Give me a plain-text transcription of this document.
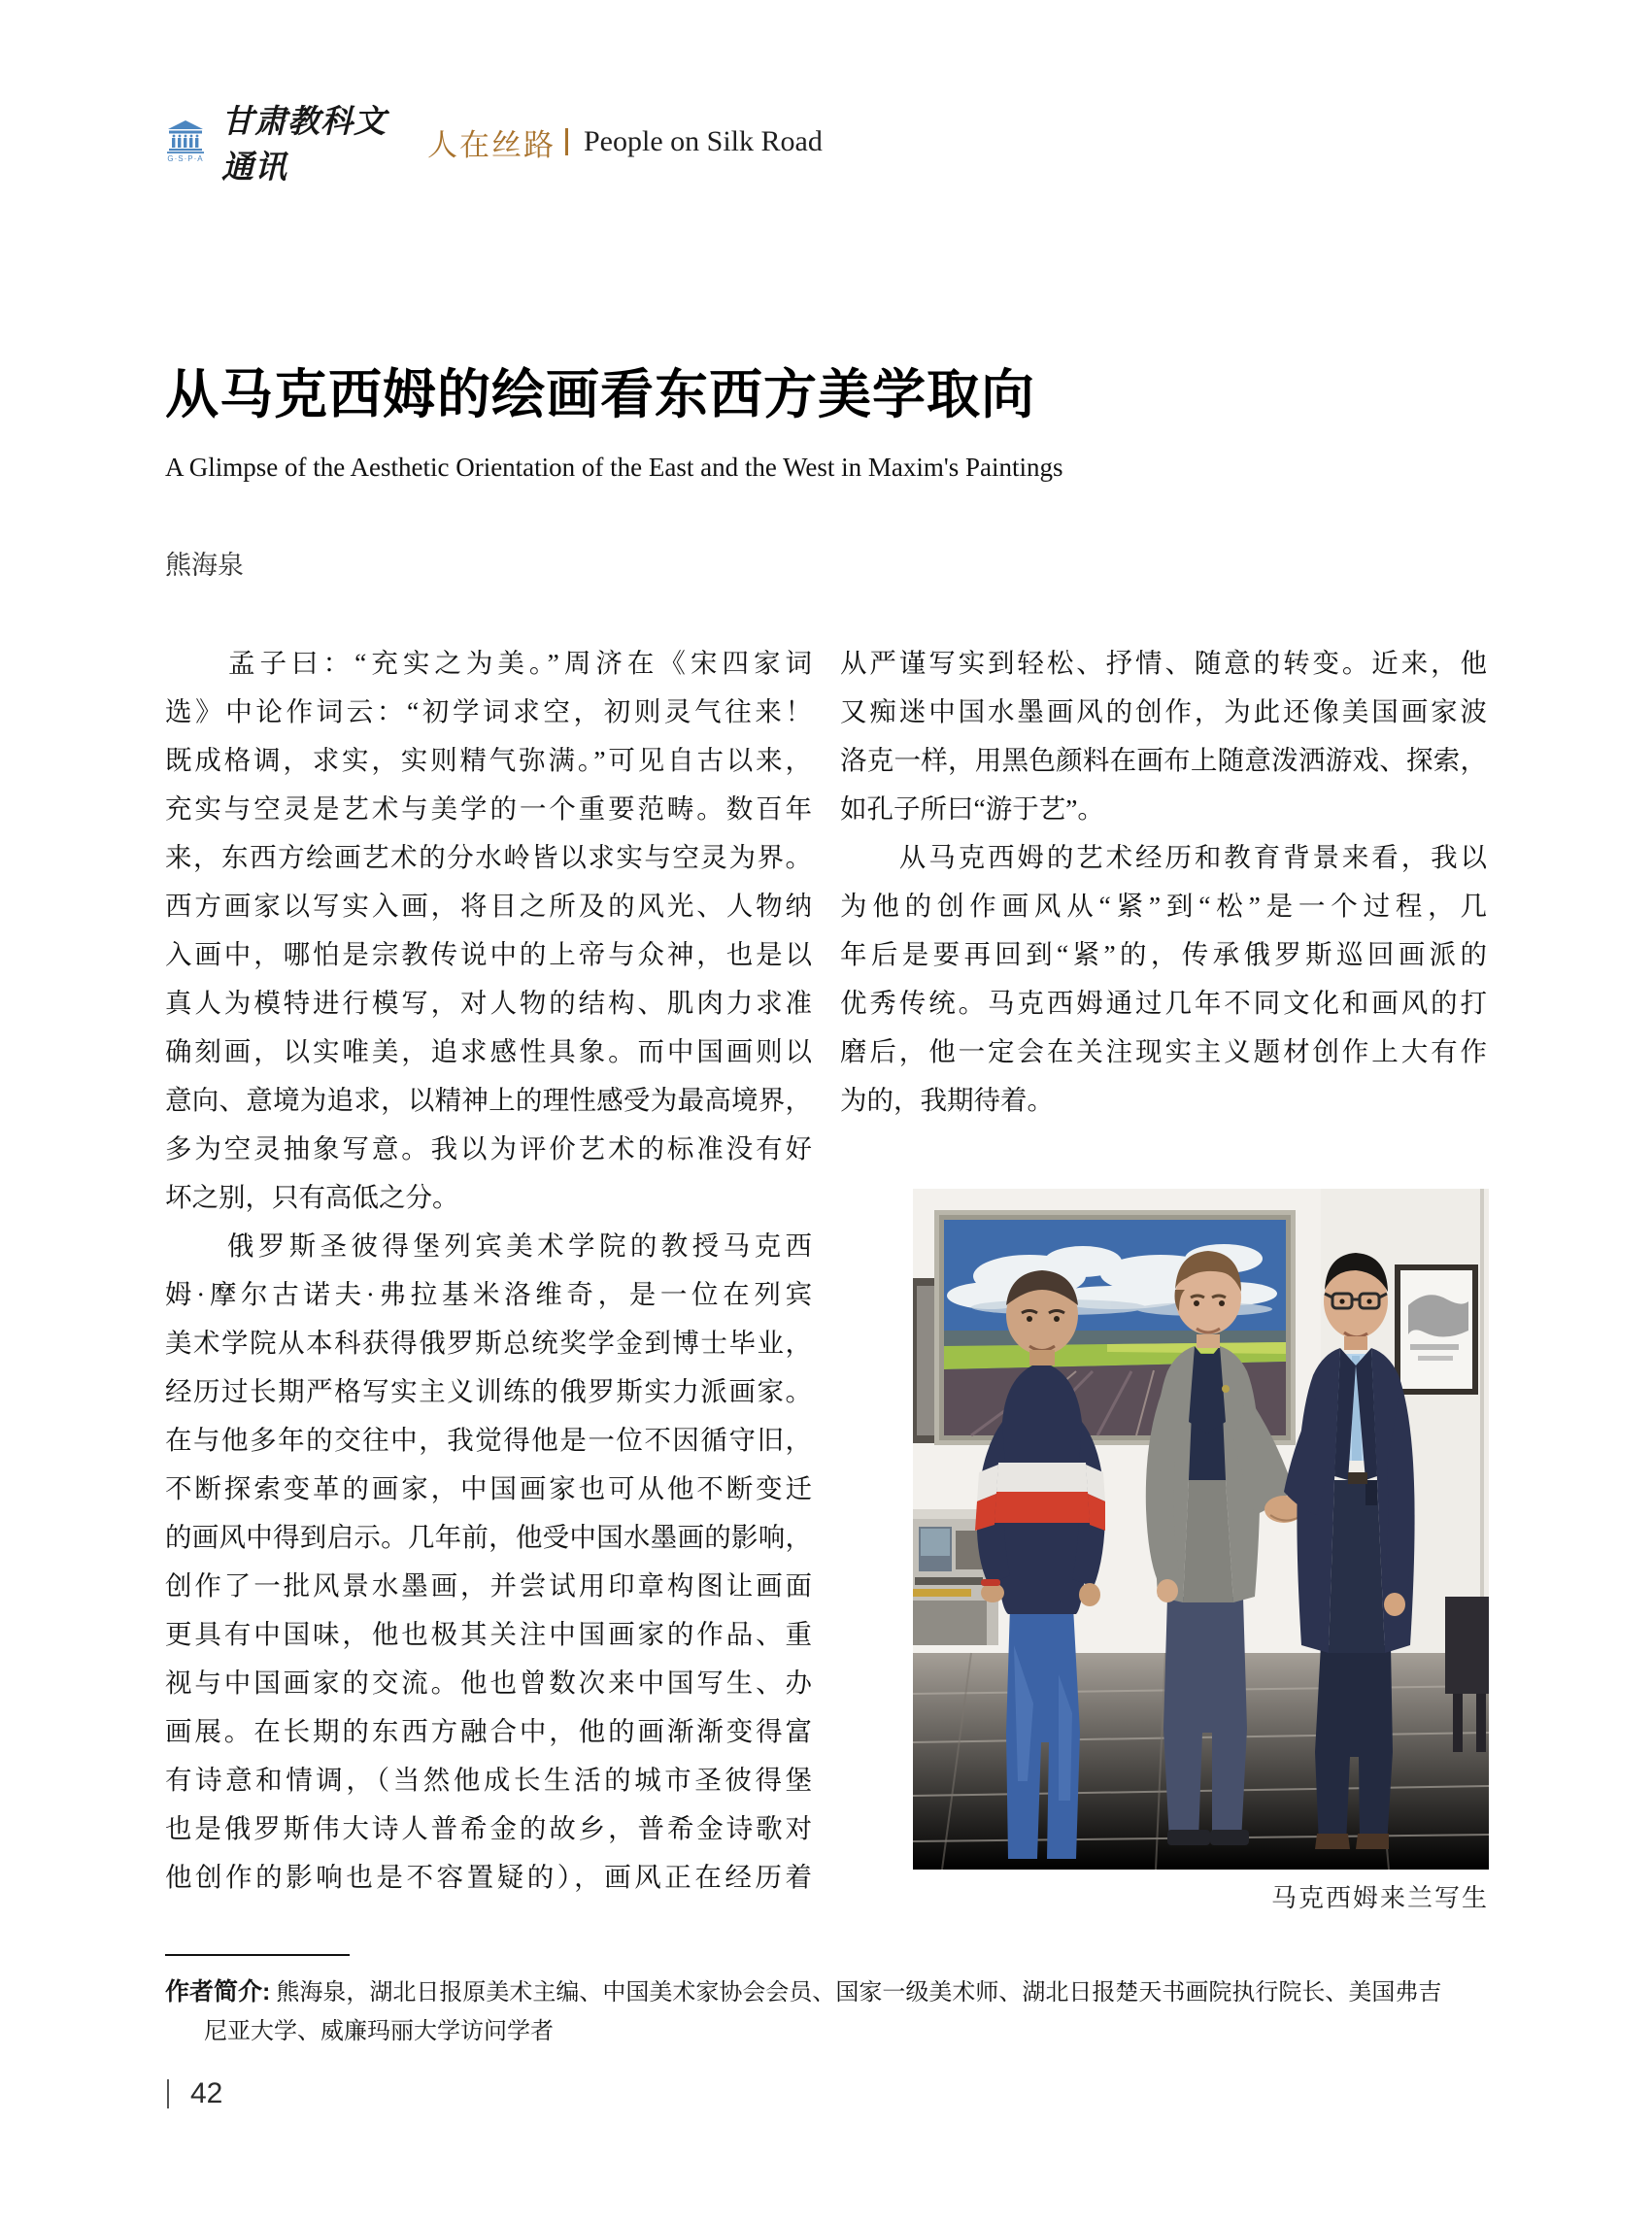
G·S·P·A
甘肃教科文通讯
人在丝路 People on Silk Road
从马克西姆的绘画看东西方美学取向
A Glimpse of the Aesthetic Orientation of the East and the West in Maxim's Paintings
熊海泉
　　孟子曰：“充实之为美。”周济在《宋四家词
选》中论作词云：“初学词求空，初则灵气往来！
既成格调，求实，实则精气弥满。”可见自古以来，
充实与空灵是艺术与美学的一个重要范畴。数百年
来，东西方绘画艺术的分水岭皆以求实与空灵为界。
西方画家以写实入画，将目之所及的风光、人物纳
入画中，哪怕是宗教传说中的上帝与众神，也是以
真人为模特进行模写，对人物的结构、肌肉力求准
确刻画，以实唯美，追求感性具象。而中国画则以
意向、意境为追求，以精神上的理性感受为最高境界，
多为空灵抽象写意。我以为评价艺术的标准没有好
坏之别，只有高低之分。
　　俄罗斯圣彼得堡列宾美术学院的教授马克西
姆·摩尔古诺夫·弗拉基米洛维奇，是一位在列宾
美术学院从本科获得俄罗斯总统奖学金到博士毕业，
经历过长期严格写实主义训练的俄罗斯实力派画家。
在与他多年的交往中，我觉得他是一位不因循守旧，
不断探索变革的画家，中国画家也可从他不断变迁
的画风中得到启示。几年前，他受中国水墨画的影响，
创作了一批风景水墨画，并尝试用印章构图让画面
更具有中国味，他也极其关注中国画家的作品、重
视与中国画家的交流。他也曾数次来中国写生、办
画展。在长期的东西方融合中，他的画渐渐变得富
有诗意和情调，（当然他成长生活的城市圣彼得堡
也是俄罗斯伟大诗人普希金的故乡，普希金诗歌对
他创作的影响也是不容置疑的），画风正在经历着
从严谨写实到轻松、抒情、随意的转变。近来，他
又痴迷中国水墨画风的创作，为此还像美国画家波
洛克一样，用黑色颜料在画布上随意泼洒游戏、探索，
如孔子所曰“游于艺”。
　　从马克西姆的艺术经历和教育背景来看，我以
为他的创作画风从“紧”到“松”是一个过程，几
年后是要再回到“紧”的，传承俄罗斯巡回画派的
优秀传统。马克西姆通过几年不同文化和画风的打
磨后，他一定会在关注现实主义题材创作上大有作
为的，我期待着。
马克西姆来兰写生
作者简介: 熊海泉，湖北日报原美术主编、中国美术家协会会员、国家一级美术师、湖北日报楚天书画院执行院长、美国弗吉
尼亚大学、威廉玛丽大学访问学者
42
